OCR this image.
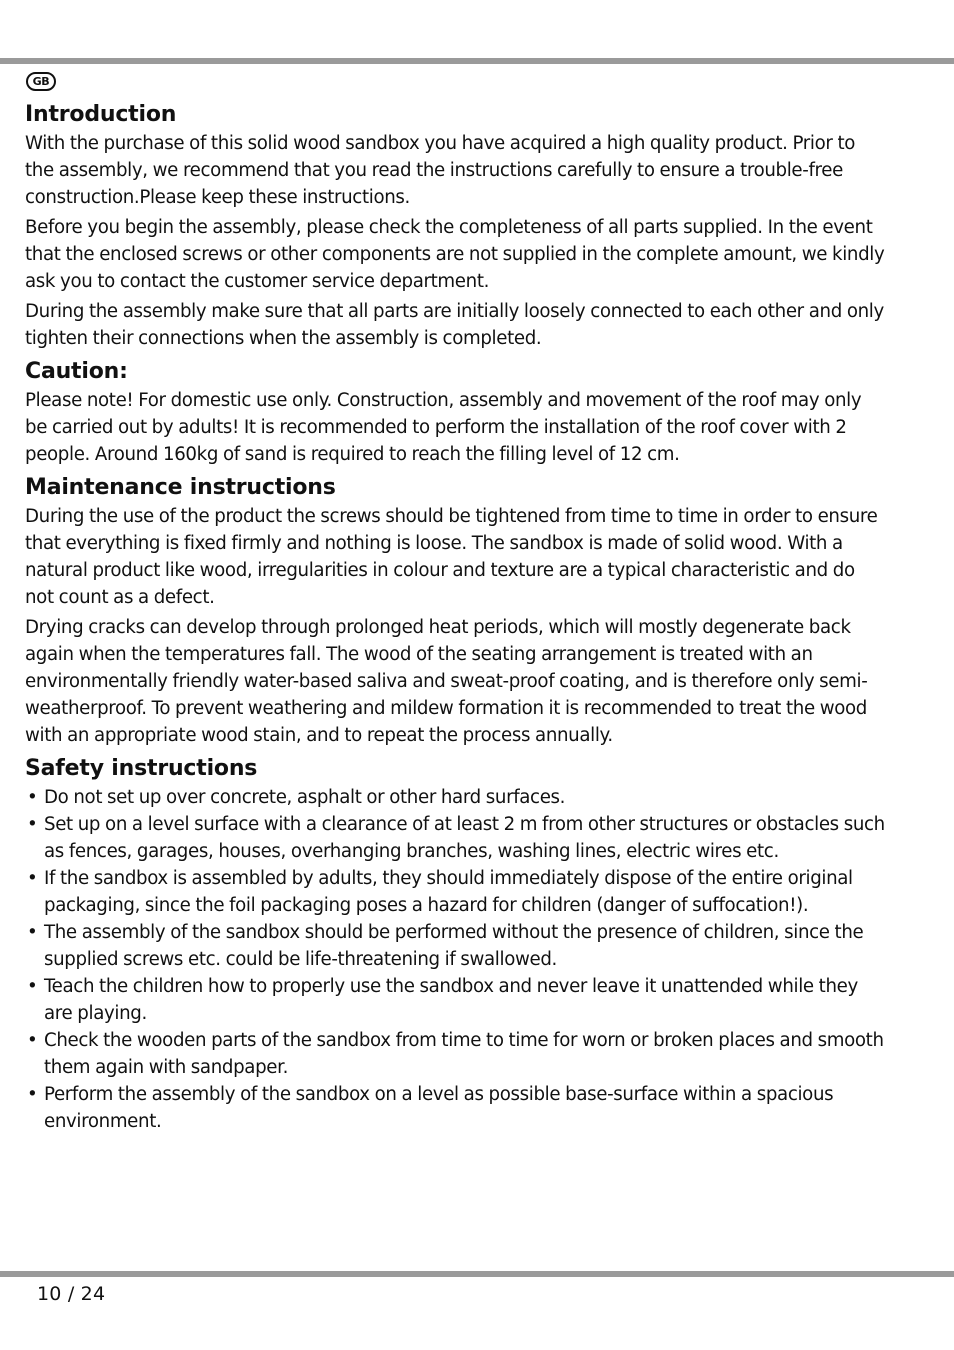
GB
Introduction

With the purchase of this solid wood sandbox you have acquired a high quality product. Prior to the assembly, we recommend that you read the instructions carefully to ensure a trouble-free construction.Please keep these instructions.

Before you begin the assembly, please check the completeness of all parts supplied. In the event that the enclosed screws or other components are not supplied in the complete amount, we kindly ask you to contact the customer service department.

During the assembly make sure that all parts are initially loosely connected to each other and only tighten their connections when the assembly is completed.

Caution:

Please note! For domestic use only. Construction, assembly and movement of the roof may only be carried out by adults! It is recommended to perform the installation of the roof cover with 2 people. Around 160kg of sand is required to reach the filling level of 12 cm.

Maintenance instructions

During the use of the product the screws should be tightened from time to time in order to ensure that everything is fixed firmly and nothing is loose. The sandbox is made of solid wood. With a natural product like wood, irregularities in colour and texture are a typical characteristic and do not count as a defect.

Drying cracks can develop through prolonged heat periods, which will mostly degenerate back again when the temperatures fall. The wood of the seating arrangement is treated with an environmentally friendly water-based saliva and sweat-proof coating, and is therefore only semi-weatherproof. To prevent weathering and mildew formation it is recommended to treat the wood with an appropriate wood stain, and to repeat the process annually.

Safety instructions
• Do not set up over concrete, asphalt or other hard surfaces.
• Set up on a level surface with a clearance of at least 2 m from other structures or obstacles such as fences, garages, houses, overhanging branches, washing lines, electric wires etc.
• If the sandbox is assembled by adults, they should immediately dispose of the entire original packaging, since the foil packaging poses a hazard for children (danger of suffocation!).
• The assembly of the sandbox should be performed without the presence of children, since the supplied screws etc. could be life-threatening if swallowed.
• Teach the children how to properly use the sandbox and never leave it unattended while they are playing.
• Check the wooden parts of the sandbox from time to time for worn or broken places and smooth them again with sandpaper.
• Perform the assembly of the sandbox on a level as possible base-surface within a spacious environment.
10 / 24
